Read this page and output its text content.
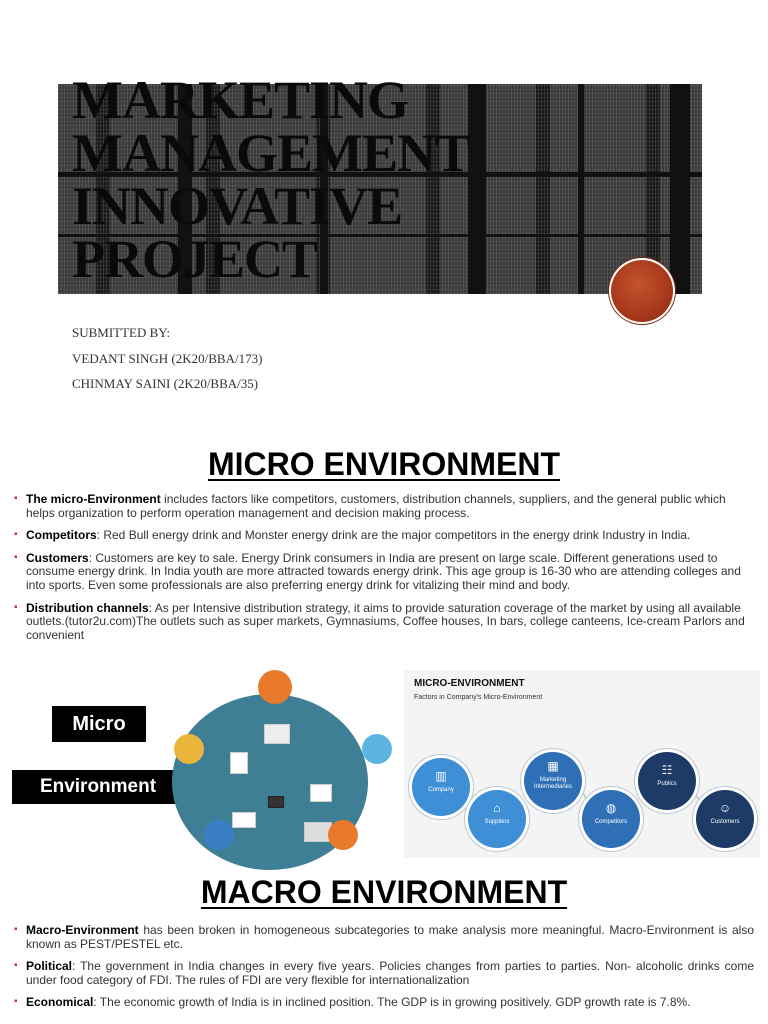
MARKETING
MANAGEMENT
INNOVATIVE
PROJECT
SUBMITTED BY:
VEDANT SINGH (2K20/BBA/173)
CHINMAY SAINI (2K20/BBA/35)
MICRO ENVIRONMENT
▪ The micro-Environment includes factors like competitors, customers, distribution channels, suppliers, and the general public which helps organization to perform operation management and decision making process.
▪ Competitors: Red Bull energy drink and Monster energy drink are the major competitors in the energy drink Industry in India.
▪ Customers: Customers are key to sale. Energy Drink consumers in India are present on large scale. Different generations used to consume energy drink. In India youth are more attracted towards energy drink. This age group is 16-30 who are attending colleges and into sports. Even some professionals are also preferring energy drink for vitalizing their mind and body.
▪ Distribution channels: As per Intensive distribution strategy, it aims to provide saturation coverage of the market by using all available outlets.(tutor2u.com)The outlets such as super markets, Gymnasiums, Coffee houses, In bars, college canteens, Ice-cream Parlors and convenient
Micro
Environment
MICRO-ENVIRONMENT
Factors in Company's Micro-Environment
▥
Company
⌂
Suppliers
▦
Marketing Intermediaries
◍
Competitors
☷
Publics
☺
Customers
MACRO ENVIRONMENT
▪ Macro-Environment has been broken in homogeneous subcategories to make analysis more meaningful. Macro-Environment is also known as PEST/PESTEL etc.
▪ Political: The government in India changes in every five years. Policies changes from parties to parties. Non- alcoholic drinks come under food category of FDI. The rules of FDI are very flexible for internationalization
▪ Economical: The economic growth of India is in inclined position. The GDP is in growing positively. GDP growth rate is 7.8%.
